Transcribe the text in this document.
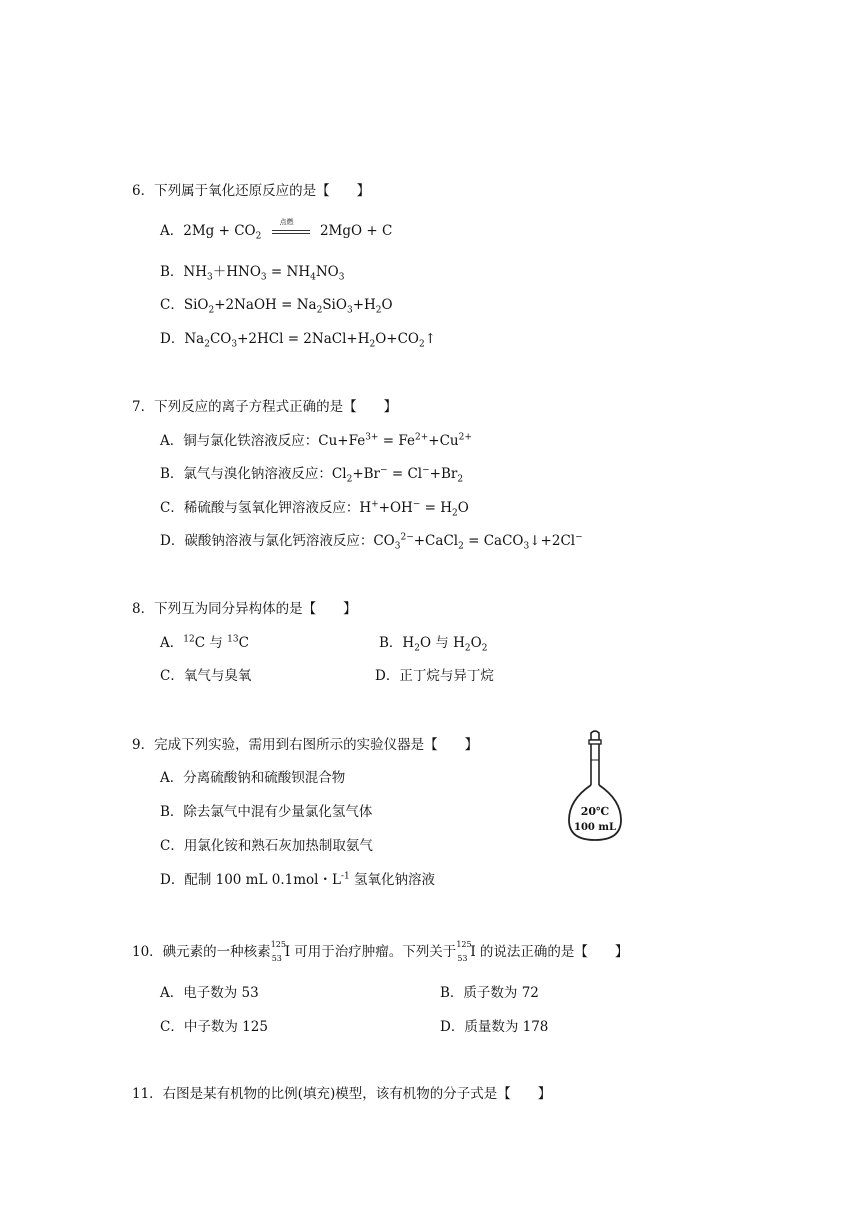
6．下列属于氧化还原反应的是【　　】
A．$2Mg + CO_2$
点燃
2MgO + C
B．$NH_3+HNO_3 = NH_4NO_3$
C．SiO$_2$+2NaOH = $Na_2SiO_3+H_2O$
D．$Na_2CO_3+2HCl$ = $2NaCl+H_2O+CO_2↑$
7．下列反应的离子方程式正确的是【　　】
A．铜与氯化铁溶液反应：$Cu+Fe^{3+} = Fe^{2+}+Cu^{2+}$
B．氯气与溴化钠溶液反应：$Cl_2+Br^- = Cl^-+Br_2$
C．稀硫酸与氢氧化钾溶液反应：$H^++OH^- = H_2O$
D．碳酸钠溶液与氯化钙溶液反应：$CO_3^{2-}+CaCl_2$ = CaCO$_3$↓+2Cl−
8．下列互为同分异构体的是【　　】
A．$^{12}$C 与 $^{13}$C	B．$H_2O$ 与 $H_2O_2$
C．氧气与臭氧	D．正丁烷与异丁烷
9．完成下列实验，需用到右图所示的实验仪器是【　　】
A．分离硫酸钠和硫酸钡混合物
B．除去氯气中混有少量氯化氢气体
C．用氯化铵和熟石灰加热制取氨气
D．配制 100 mL 0.1mol・$L^{-1}$ 氢氧化钠溶液
20℃
100 mL
10．碘元素的一种核素 125
53 I 可用于治疗肿瘤。下列关于 125
53 I 的说法正确的是【　　】
A．电子数为 53	B．质子数为 72
C．中子数为 125	D．质量数为 178
11．右图是某有机物的比例(填充)模型，该有机物的分子式是【　　】
